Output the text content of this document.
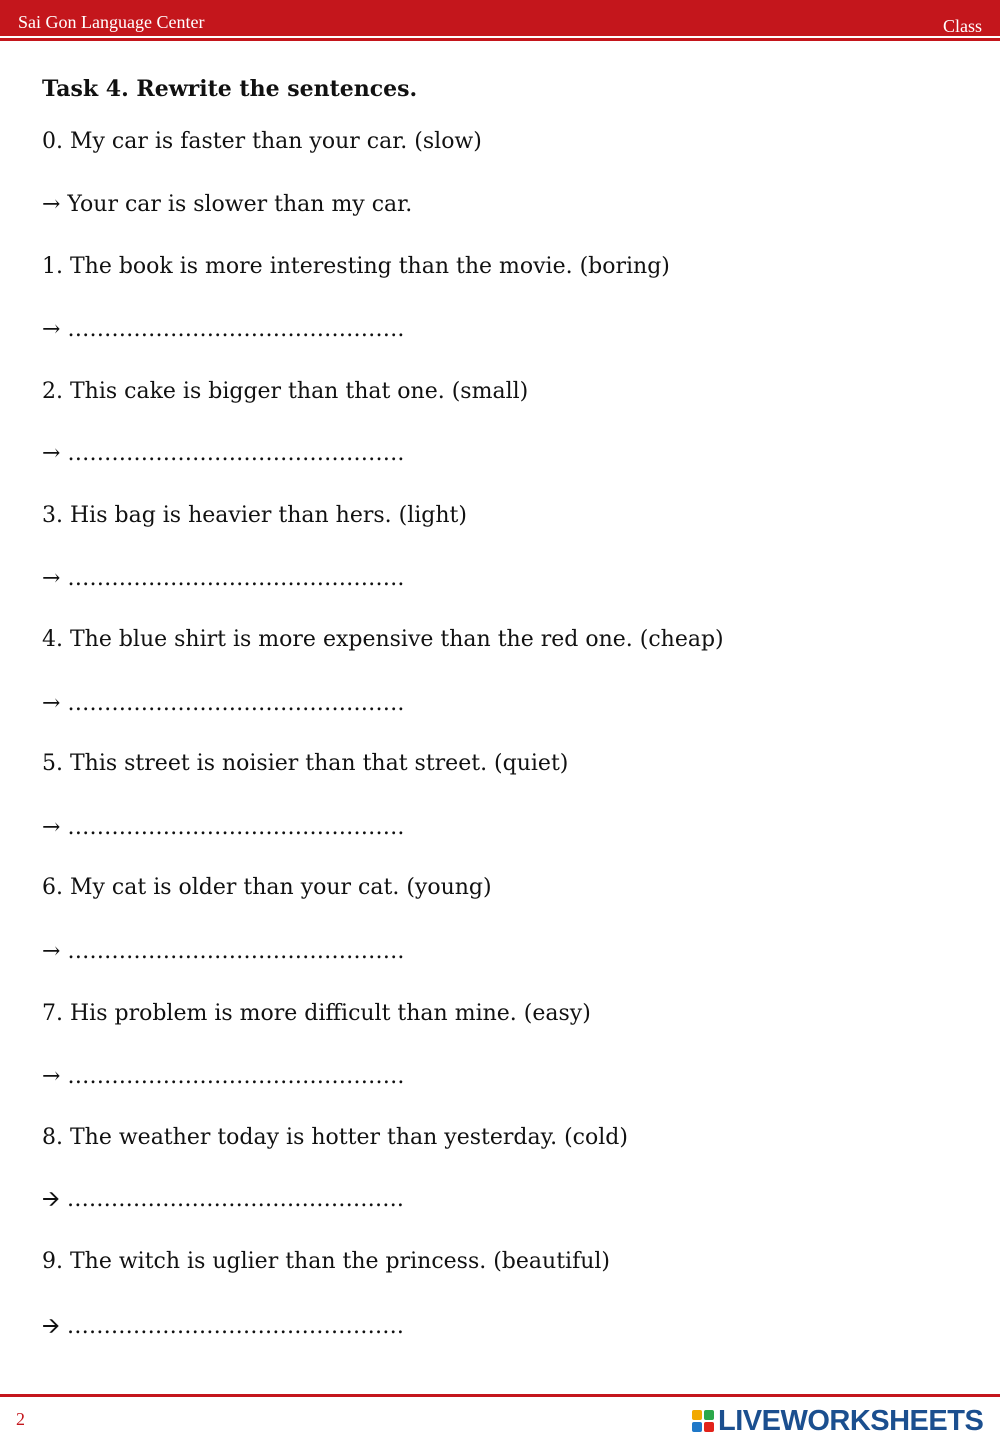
Sai Gon Language Center	Class
Task 4. Rewrite the sentences.
0. My car is faster than your car. (slow)
→ Your car is slower than my car.
1. The book is more interesting than the movie. (boring)
→ ……………………………………….
2. This cake is bigger than that one. (small)
→ ……………………………………….
3. His bag is heavier than hers. (light)
→ ……………………………………….
4. The blue shirt is more expensive than the red one. (cheap)
→ ……………………………………….
5. This street is noisier than that street. (quiet)
→ ……………………………………….
6. My cat is older than your cat. (young)
→ ……………………………………….
7. His problem is more difficult than mine. (easy)
→ ……………………………………….
8. The weather today is hotter than yesterday. (cold)
🡪 ……………………………………….
9. The witch is uglier than the princess. (beautiful)
🡪 ……………………………………….
2	LIVEWORKSHEETS
